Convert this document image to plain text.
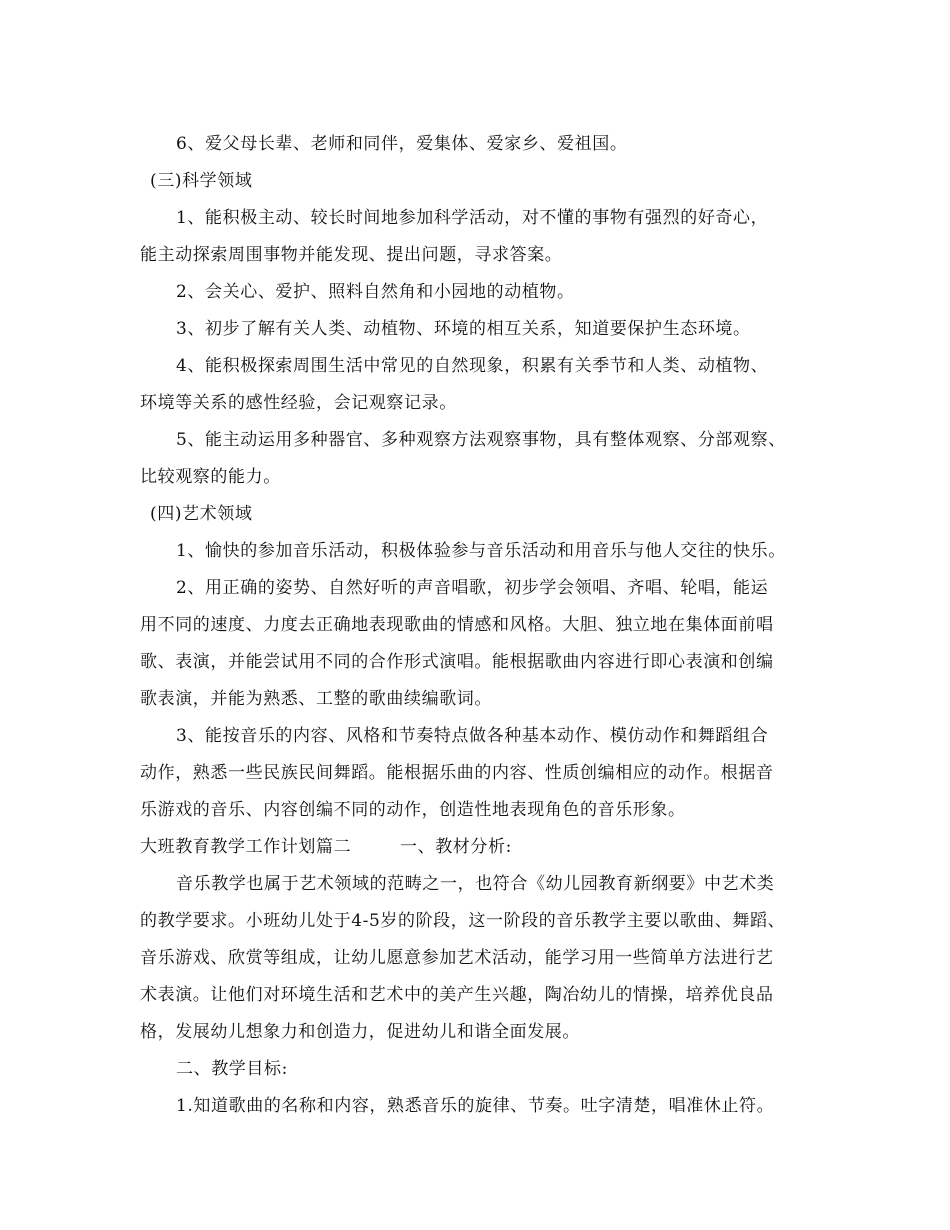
6、爱父母长辈、老师和同伴，爱集体、爱家乡、爱祖国。
(三)科学领域
1、能积极主动、较长时间地参加科学活动，对不懂的事物有强烈的好奇心，
能主动探索周围事物并能发现、提出问题，寻求答案。
2、会关心、爱护、照料自然角和小园地的动植物。
3、初步了解有关人类、动植物、环境的相互关系，知道要保护生态环境。
4、能积极探索周围生活中常见的自然现象，积累有关季节和人类、动植物、
环境等关系的感性经验，会记观察记录。
5、能主动运用多种器官、多种观察方法观察事物，具有整体观察、分部观察、
比较观察的能力。
(四)艺术领域
1、愉快的参加音乐活动，积极体验参与音乐活动和用音乐与他人交往的快乐。
2、用正确的姿势、自然好听的声音唱歌，初步学会领唱、齐唱、轮唱，能运
用不同的速度、力度去正确地表现歌曲的情感和风格。大胆、独立地在集体面前唱
歌、表演，并能尝试用不同的合作形式演唱。能根据歌曲内容进行即心表演和创编
歌表演，并能为熟悉、工整的歌曲续编歌词。
3、能按音乐的内容、风格和节奏特点做各种基本动作、模仿动作和舞蹈组合
动作，熟悉一些民族民间舞蹈。能根据乐曲的内容、性质创编相应的动作。根据音
乐游戏的音乐、内容创编不同的动作，创造性地表现角色的音乐形象。
大班教育教学工作计划篇二	一、教材分析:
音乐教学也属于艺术领域的范畴之一，也符合《幼儿园教育新纲要》中艺术类
的教学要求。小班幼儿处于4-5岁的阶段，这一阶段的音乐教学主要以歌曲、舞蹈、
音乐游戏、欣赏等组成，让幼儿愿意参加艺术活动，能学习用一些简单方法进行艺
术表演。让他们对环境生活和艺术中的美产生兴趣，陶冶幼儿的情操，培养优良品
格，发展幼儿想象力和创造力，促进幼儿和谐全面发展。
二、教学目标:
1.知道歌曲的名称和内容，熟悉音乐的旋律、节奏。吐字清楚，唱准休止符。
